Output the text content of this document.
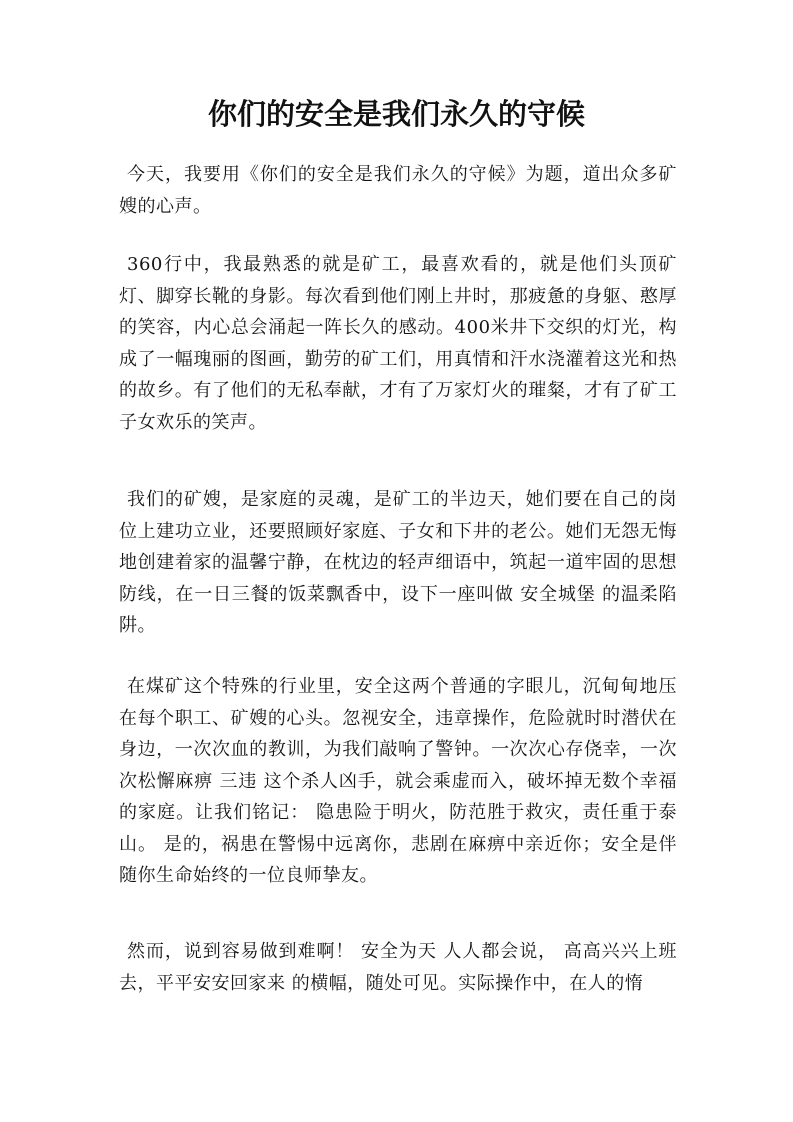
你们的安全是我们永久的守候

今天，我要用《你们的安全是我们永久的守候》为题，道出众多矿嫂的心声。

360行中，我最熟悉的就是矿工，最喜欢看的，就是他们头顶矿灯、脚穿长靴的身影。每次看到他们刚上井时，那疲惫的身躯、憨厚的笑容，内心总会涌起一阵长久的感动。400米井下交织的灯光，构成了一幅瑰丽的图画，勤劳的矿工们，用真情和汗水浇灌着这光和热的故乡。有了他们的无私奉献，才有了万家灯火的璀粲，才有了矿工子女欢乐的笑声。

我们的矿嫂，是家庭的灵魂，是矿工的半边天，她们要在自己的岗位上建功立业，还要照顾好家庭、子女和下井的老公。她们无怨无悔地创建着家的温馨宁静，在枕边的轻声细语中，筑起一道牢固的思想防线，在一日三餐的饭菜飘香中，设下一座叫做 安全城堡 的温柔陷阱。

在煤矿这个特殊的行业里，安全这两个普通的字眼儿，沉甸甸地压在每个职工、矿嫂的心头。忽视安全，违章操作，危险就时时潜伏在身边，一次次血的教训，为我们敲响了警钟。一次次心存侥幸，一次次松懈麻痹 三违 这个杀人凶手，就会乘虚而入，破坏掉无数个幸福的家庭。让我们铭记： 隐患险于明火，防范胜于救灾，责任重于泰山。 是的，祸患在警惕中远离你，悲剧在麻痹中亲近你；安全是伴随你生命始终的一位良师挚友。

然而，说到容易做到难啊！ 安全为天 人人都会说， 高高兴兴上班去，平平安安回家来 的横幅，随处可见。实际操作中，在人的惰
